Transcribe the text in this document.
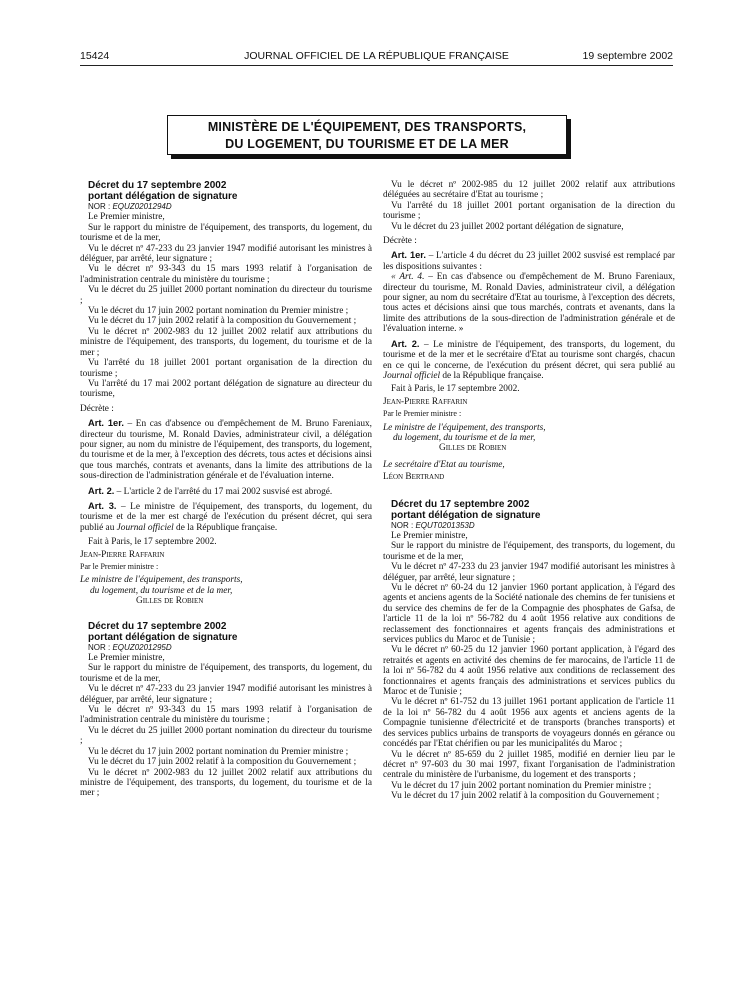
15424	JOURNAL OFFICIEL DE LA RÉPUBLIQUE FRANÇAISE	19 septembre 2002
MINISTÈRE DE L'ÉQUIPEMENT, DES TRANSPORTS,
DU LOGEMENT, DU TOURISME ET DE LA MER

Décret du 17 septembre 2002

portant délégation de signature

NOR : EQUZ0201294D

Le Premier ministre,

Sur le rapport du ministre de l'équipement, des transports, du logement, du tourisme et de la mer,

Vu le décret nº 47-233 du 23 janvier 1947 modifié autorisant les ministres à déléguer, par arrêté, leur signature ;

Vu le décret nº 93-343 du 15 mars 1993 relatif à l'organisation de l'administration centrale du ministère du tourisme ;

Vu le décret du 25 juillet 2000 portant nomination du directeur du tourisme ;

Vu le décret du 17 juin 2002 portant nomination du Premier ministre ;

Vu le décret du 17 juin 2002 relatif à la composition du Gouvernement ;

Vu le décret nº 2002-983 du 12 juillet 2002 relatif aux attributions du ministre de l'équipement, des transports, du logement, du tourisme et de la mer ;

Vu l'arrêté du 18 juillet 2001 portant organisation de la direction du tourisme ;

Vu l'arrêté du 17 mai 2002 portant délégation de signature au directeur du tourisme,

Décrète :

Art. 1er. – En cas d'absence ou d'empêchement de M. Bruno Fareniaux, directeur du tourisme, M. Ronald Davies, administrateur civil, a délégation pour signer, au nom du ministre de l'équipement, des transports, du logement, du tourisme et de la mer, à l'exception des décrets, tous actes et décisions ainsi que tous marchés, contrats et avenants, dans la limite des attributions de la sous-direction de l'administration générale et de l'évaluation interne.

Art. 2. – L'article 2 de l'arrêté du 17 mai 2002 susvisé est abrogé.

Art. 3. – Le ministre de l'équipement, des transports, du logement, du tourisme et de la mer est chargé de l'exécution du présent décret, qui sera publié au Journal officiel de la République française.

Fait à Paris, le 17 septembre 2002.

Jean-Pierre Raffarin

Par le Premier ministre :

Le ministre de l'équipement, des transports,

du logement, du tourisme et de la mer,

Gilles de Robien

Décret du 17 septembre 2002

portant délégation de signature

NOR : EQUZ0201295D

Le Premier ministre,

Sur le rapport du ministre de l'équipement, des transports, du logement, du tourisme et de la mer,

Vu le décret nº 47-233 du 23 janvier 1947 modifié autorisant les ministres à déléguer, par arrêté, leur signature ;

Vu le décret nº 93-343 du 15 mars 1993 relatif à l'organisation de l'administration centrale du ministère du tourisme ;

Vu le décret du 25 juillet 2000 portant nomination du directeur du tourisme ;

Vu le décret du 17 juin 2002 portant nomination du Premier ministre ;

Vu le décret du 17 juin 2002 relatif à la composition du Gouvernement ;

Vu le décret nº 2002-983 du 12 juillet 2002 relatif aux attributions du ministre de l'équipement, des transports, du logement, du tourisme et de la mer ;

Vu le décret nº 2002-985 du 12 juillet 2002 relatif aux attributions déléguées au secrétaire d'Etat au tourisme ;

Vu l'arrêté du 18 juillet 2001 portant organisation de la direction du tourisme ;

Vu le décret du 23 juillet 2002 portant délégation de signature,

Décrète :

Art. 1er. – L'article 4 du décret du 23 juillet 2002 susvisé est remplacé par les dispositions suivantes :

« Art. 4. – En cas d'absence ou d'empêchement de M. Bruno Fareniaux, directeur du tourisme, M. Ronald Davies, administrateur civil, a délégation pour signer, au nom du secrétaire d'Etat au tourisme, à l'exception des décrets, tous actes et décisions ainsi que tous marchés, contrats et avenants, dans la limite des attributions de la sous-direction de l'administration générale et de l'évaluation interne. »

Art. 2. – Le ministre de l'équipement, des transports, du logement, du tourisme et de la mer et le secrétaire d'Etat au tourisme sont chargés, chacun en ce qui le concerne, de l'exécution du présent décret, qui sera publié au Journal officiel de la République française.

Fait à Paris, le 17 septembre 2002.

Jean-Pierre Raffarin

Par le Premier ministre :

Le ministre de l'équipement, des transports,

du logement, du tourisme et de la mer,

Gilles de Robien

Le secrétaire d'Etat au tourisme,

Léon Bertrand

Décret du 17 septembre 2002

portant délégation de signature

NOR : EQUT0201353D

Le Premier ministre,

Sur le rapport du ministre de l'équipement, des transports, du logement, du tourisme et de la mer,

Vu le décret nº 47-233 du 23 janvier 1947 modifié autorisant les ministres à déléguer, par arrêté, leur signature ;

Vu le décret nº 60-24 du 12 janvier 1960 portant application, à l'égard des agents et anciens agents de la Société nationale des chemins de fer tunisiens et du service des chemins de fer de la Compagnie des phosphates de Gafsa, de l'article 11 de la loi nº 56-782 du 4 août 1956 relative aux conditions de reclassement des fonctionnaires et agents français des administrations et services publics du Maroc et de Tunisie ;

Vu le décret nº 60-25 du 12 janvier 1960 portant application, à l'égard des retraités et agents en activité des chemins de fer marocains, de l'article 11 de la loi nº 56-782 du 4 août 1956 relative aux conditions de reclassement des fonctionnaires et agents français des administrations et services publics du Maroc et de Tunisie ;

Vu le décret nº 61-752 du 13 juillet 1961 portant application de l'article 11 de la loi nº 56-782 du 4 août 1956 aux agents et anciens agents de la Compagnie tunisienne d'électricité et de transports (branches transports) et des services publics urbains de transports de voyageurs donnés en gérance ou concédés par l'Etat chérifien ou par les municipalités du Maroc ;

Vu le décret nº 85-659 du 2 juillet 1985, modifié en dernier lieu par le décret nº 97-603 du 30 mai 1997, fixant l'organisation de l'administration centrale du ministère de l'urbanisme, du logement et des transports ;

Vu le décret du 17 juin 2002 portant nomination du Premier ministre ;

Vu le décret du 17 juin 2002 relatif à la composition du Gouvernement ;
